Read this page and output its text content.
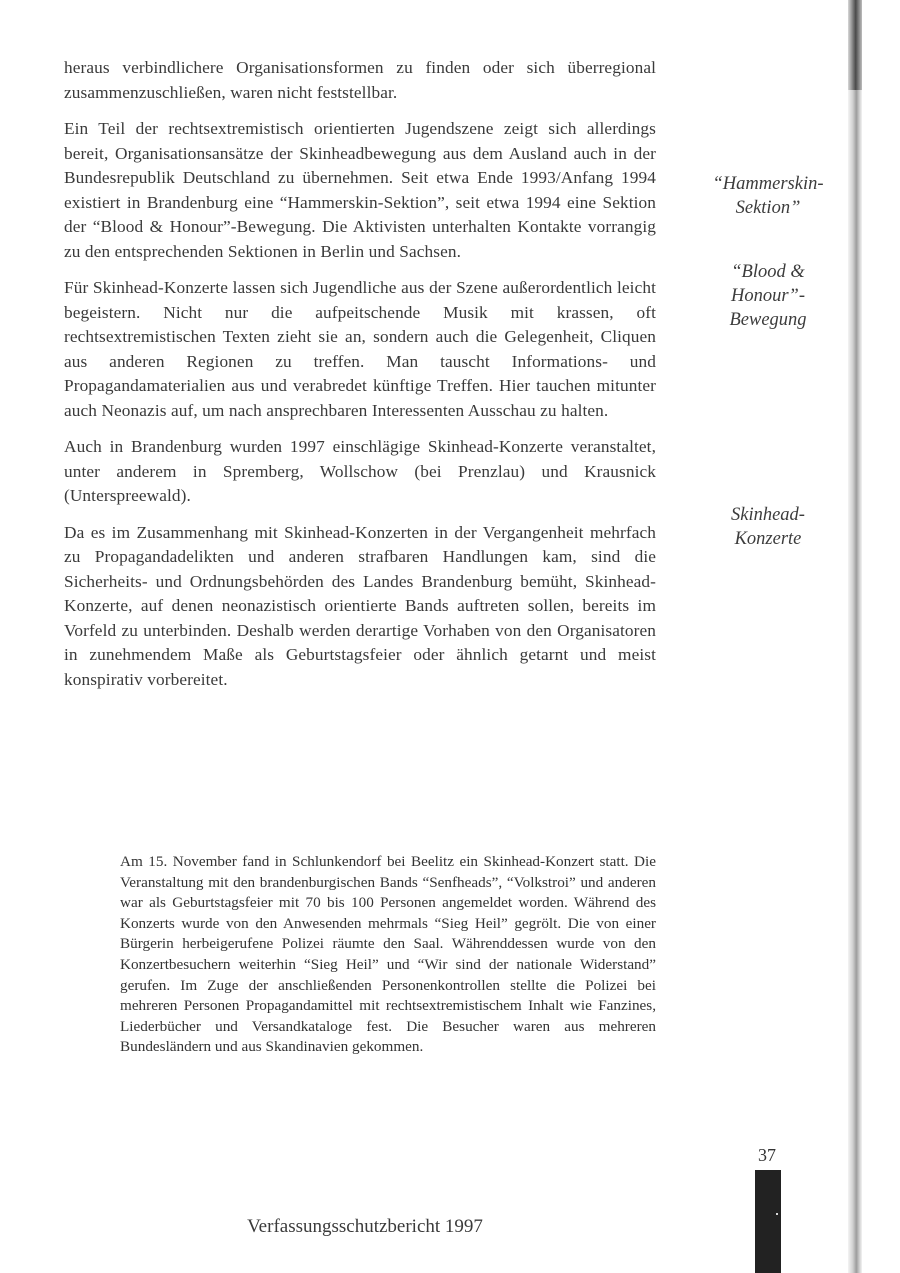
heraus verbindlichere Organisationsformen zu finden oder sich überregional zusammenzuschließen, waren nicht feststellbar.

Ein Teil der rechtsextremistisch orientierten Jugendszene zeigt sich allerdings bereit, Organisationsansätze der Skinheadbewegung aus dem Ausland auch in der Bundesrepublik Deutschland zu übernehmen. Seit etwa Ende 1993/Anfang 1994 existiert in Brandenburg eine “Hammerskin-Sektion”, seit etwa 1994 eine Sektion der “Blood & Honour”-Bewegung. Die Aktivisten unterhalten Kontakte vorrangig zu den entsprechenden Sektionen in Berlin und Sachsen.

Für Skinhead-Konzerte lassen sich Jugendliche aus der Szene außerordentlich leicht begeistern. Nicht nur die aufpeitschende Musik mit krassen, oft rechtsextremistischen Texten zieht sie an, sondern auch die Gelegenheit, Cliquen aus anderen Regionen zu treffen. Man tauscht Informations- und Propagandamaterialien aus und verabredet künftige Treffen. Hier tauchen mitunter auch Neonazis auf, um nach ansprechbaren Interessenten Ausschau zu halten.

Auch in Brandenburg wurden 1997 einschlägige Skinhead-Konzerte veranstaltet, unter anderem in Spremberg, Wollschow (bei Prenzlau) und Krausnick (Unterspreewald).

Da es im Zusammenhang mit Skinhead-Konzerten in der Vergangenheit mehrfach zu Propagandadelikten und anderen strafbaren Handlungen kam, sind die Sicherheits- und Ordnungsbehörden des Landes Brandenburg bemüht, Skinhead-Konzerte, auf denen neonazistisch orientierte Bands auftreten sollen, bereits im Vorfeld zu unterbinden. Deshalb werden derartige Vorhaben von den Organisatoren in zunehmendem Maße als Geburtstagsfeier oder ähnlich getarnt und meist konspirativ vorbereitet.

“Hammerskin-Sektion”
“Blood & Honour”-Bewegung
Skinhead-Konzerte
Am 15. November fand in Schlunkendorf bei Beelitz ein Skinhead-Konzert statt. Die Veranstaltung mit den brandenburgischen Bands “Senfheads”, “Volkstroi” und anderen war als Geburtstagsfeier mit 70 bis 100 Personen angemeldet worden. Während des Konzerts wurde von den Anwesenden mehrmals “Sieg Heil” gegrölt. Die von einer Bürgerin herbeigerufene Polizei räumte den Saal. Währenddessen wurde von den Konzertbesuchern weiterhin “Sieg Heil” und “Wir sind der nationale Widerstand” gerufen. Im Zuge der anschließenden Personenkontrollen stellte die Polizei bei mehreren Personen Propagandamittel mit rechtsextremistischem Inhalt wie Fanzines, Liederbücher und Versandkataloge fest. Die Besucher waren aus mehreren Bundesländern und aus Skandinavien gekommen.
37
Verfassungsschutzbericht 1997
